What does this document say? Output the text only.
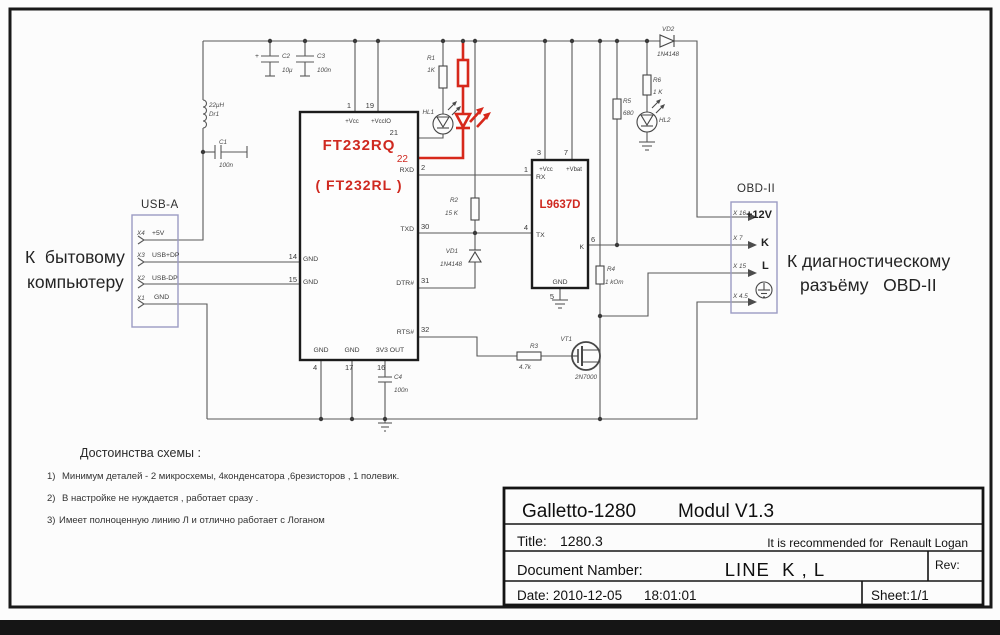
К  бытовому
компьютеру
К диагностическому
разъёму   OBD-II
Достоинства схемы :
1) Минимум деталей - 2 микросхемы, 4конденсатора ,6резисторов , 1 полевик.
2) В настройке не нуждается , работает сразу .
3) Имеет полноценную линию Л и отлично работает с Логаном
USB-A
X4 +5V
X3 USB+DP
X2 USB-DP
X1 GND
OBD-II
X 16 +12V
X 7 K
X 15 L
X 4.5
FT232RQ
( FT232RL )
1
+Vcc
19
+VccIO
21
22
RXD 2
TXD 30
DTR# 31
RTS# 32
14 GND
15 GND
GND GND 3V3 OUT
4	17	16
L9637D
3
+Vcc
7
+Vbat
1
RX
4
TX	6
K
GND
5
22μH
Dr1
C1
100n
+	C2
10μ
C3
100n
C4
100n
R1
1K
R2
15 K
R3
4.7k
R4
1 kOm
R5
680
R6
1 K
VD1
1N4148
VD2
1N4148
HL1
HL2
VT1
2N7000
Galletto-1280 Modul V1.3
Title: 1280.3	It is recommended for  Renault Logan
Document Namber:	LINE  K , L	Rev:
Date: 2010-12-05 18:01:01	Sheet:1/1
